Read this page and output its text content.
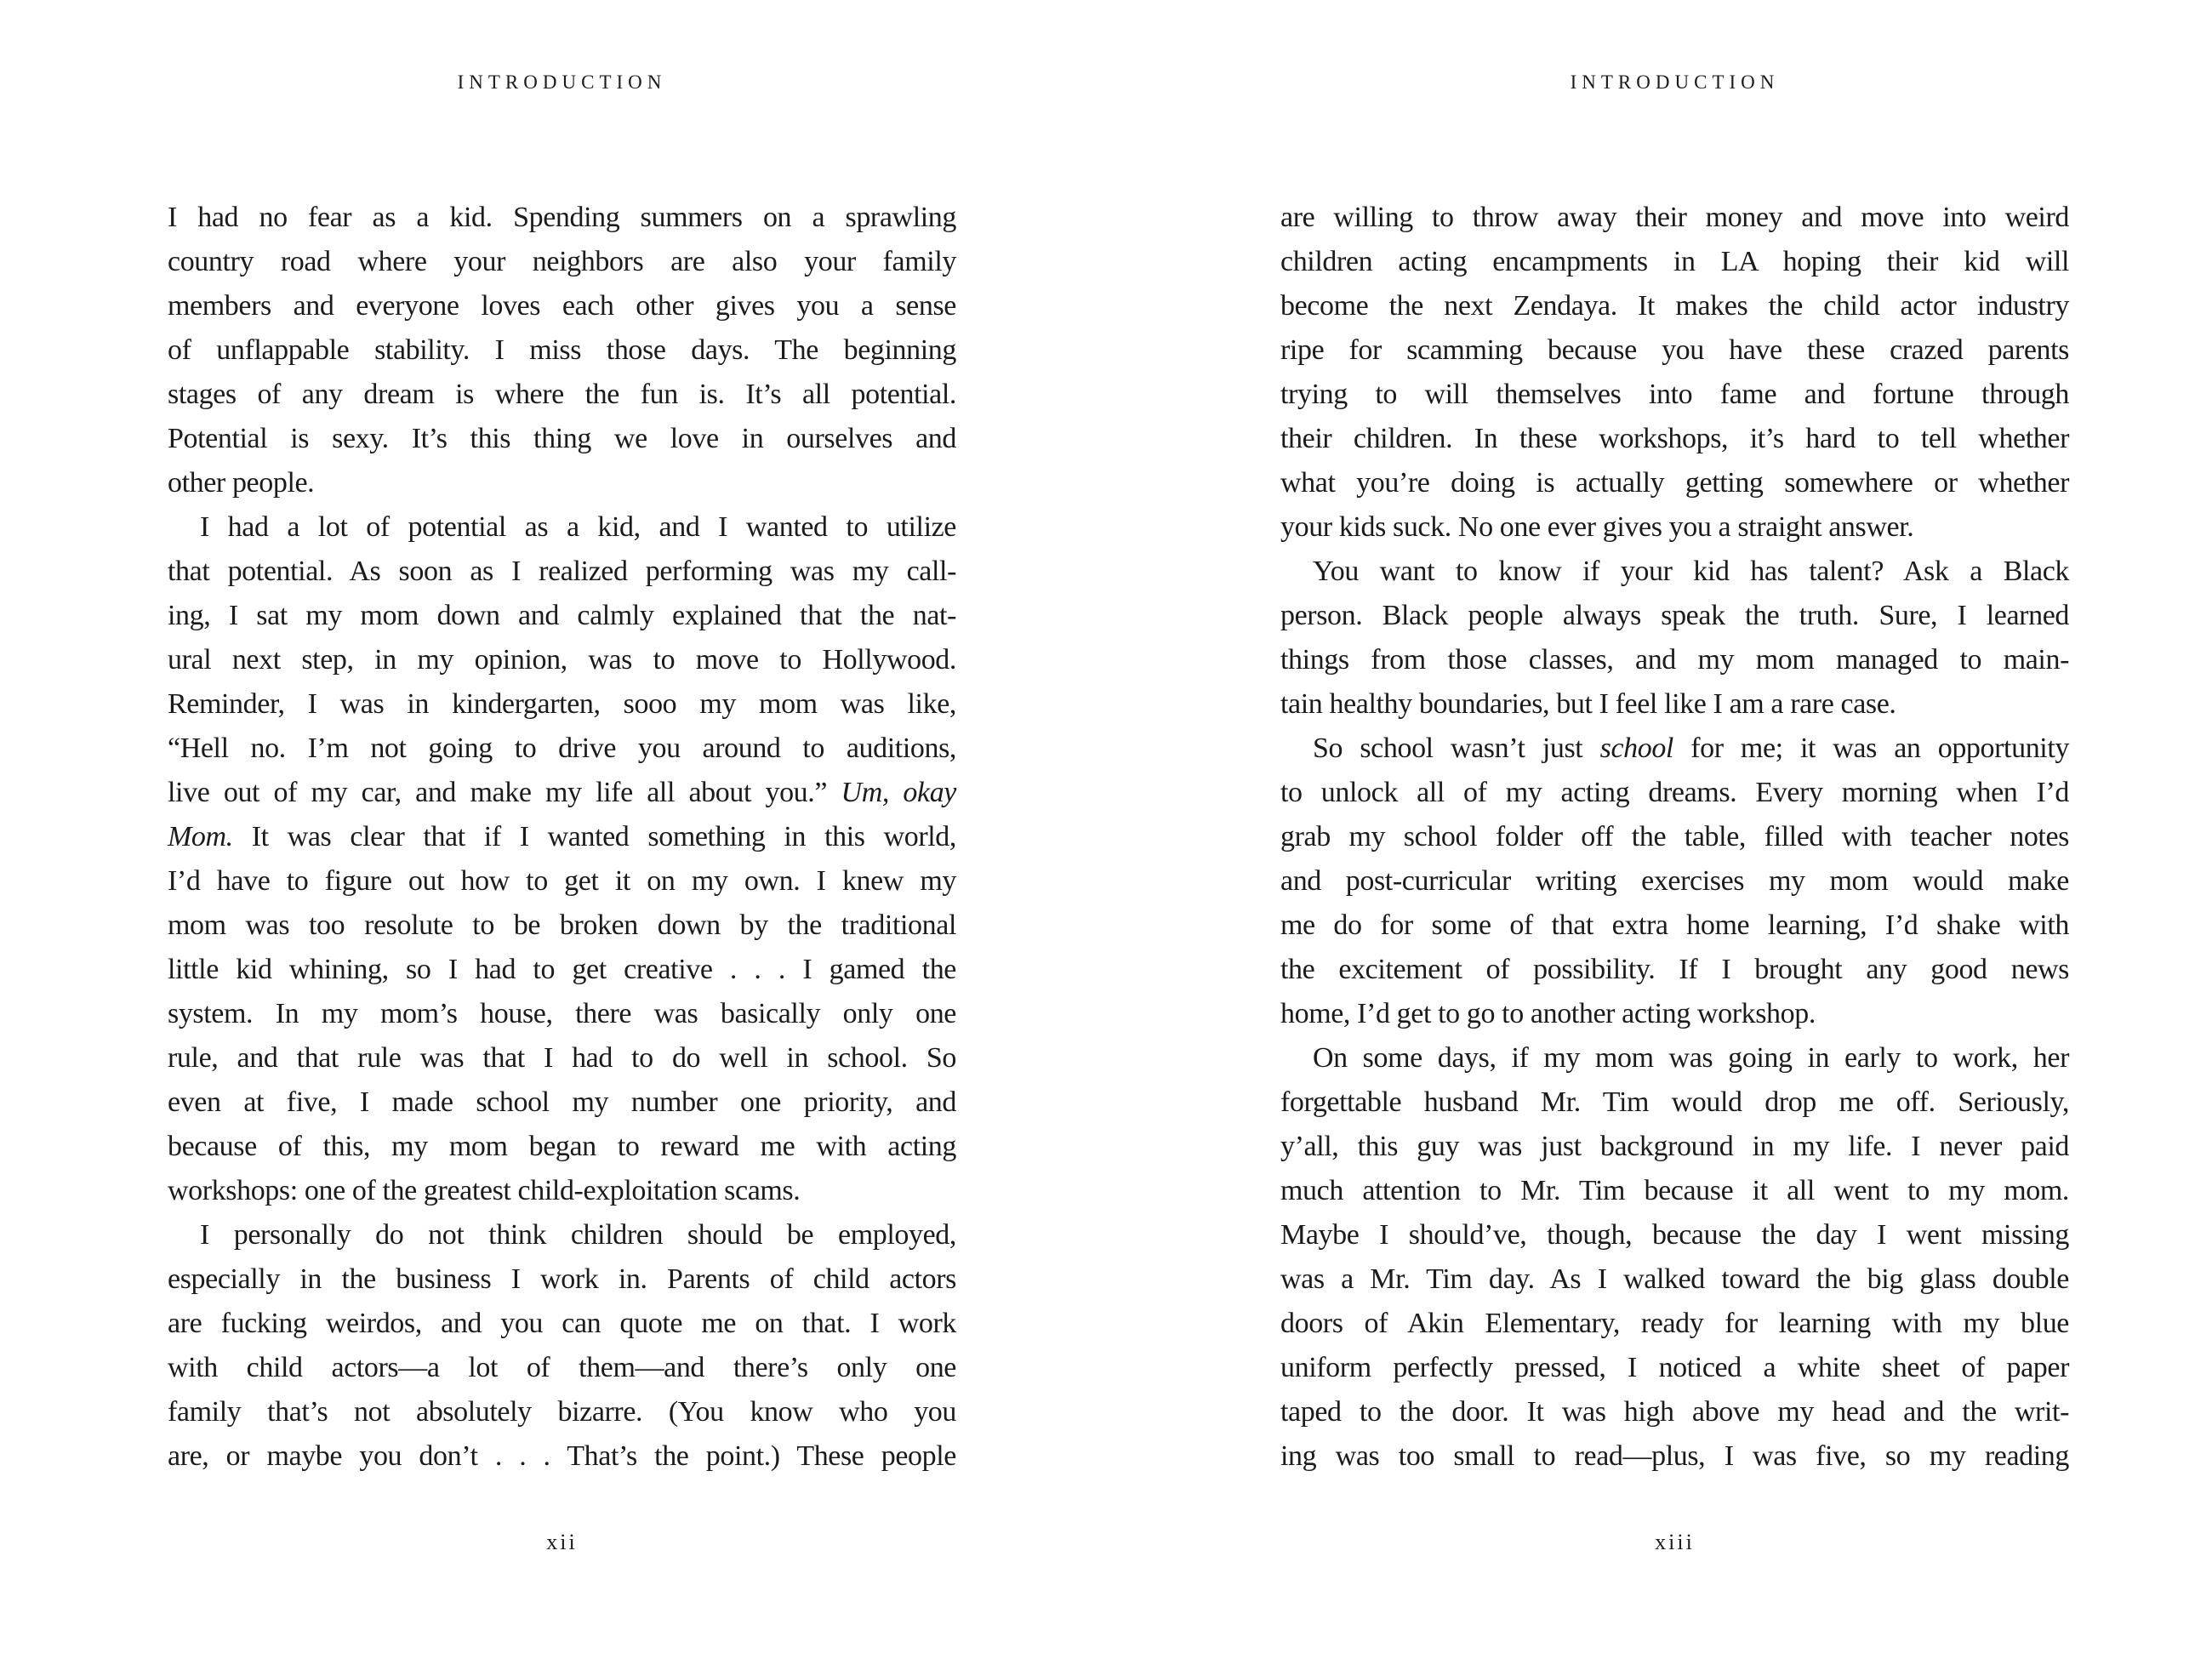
INTRODUCTION
I had no fear as a kid. Spending summers on a sprawling
country road where your neighbors are also your family
members and everyone loves each other gives you a sense
of unflappable stability. I miss those days. The beginning
stages of any dream is where the fun is. It’s all potential.
Potential is sexy. It’s this thing we love in ourselves and
other people.
I had a lot of potential as a kid, and I wanted to utilize
that potential. As soon as I realized performing was my call-
ing, I sat my mom down and calmly explained that the nat-
ural next step, in my opinion, was to move to Hollywood.
Reminder, I was in kindergarten, sooo my mom was like,
“Hell no. I’m not going to drive you around to auditions,
live out of my car, and make my life all about you.” Um, okay
Mom. It was clear that if I wanted something in this world,
I’d have to figure out how to get it on my own. I knew my
mom was too resolute to be broken down by the traditional
little kid whining, so I had to get creative . . . I gamed the
system. In my mom’s house, there was basically only one
rule, and that rule was that I had to do well in school. So
even at five, I made school my number one priority, and
because of this, my mom began to reward me with acting
workshops: one of the greatest child-exploitation scams.
I personally do not think children should be employed,
especially in the business I work in. Parents of child actors
are fucking weirdos, and you can quote me on that. I work
with child actors—a lot of them—and there’s only one
family that’s not absolutely bizarre. (You know who you
are, or maybe you don’t . . . That’s the point.) These people
xii
INTRODUCTION
are willing to throw away their money and move into weird
children acting encampments in LA hoping their kid will
become the next Zendaya. It makes the child actor industry
ripe for scamming because you have these crazed parents
trying to will themselves into fame and fortune through
their children. In these workshops, it’s hard to tell whether
what you’re doing is actually getting somewhere or whether
your kids suck. No one ever gives you a straight answer.
You want to know if your kid has talent? Ask a Black
person. Black people always speak the truth. Sure, I learned
things from those classes, and my mom managed to main-
tain healthy boundaries, but I feel like I am a rare case.
So school wasn’t just school for me; it was an opportunity
to unlock all of my acting dreams. Every morning when I’d
grab my school folder off the table, filled with teacher notes
and post-curricular writing exercises my mom would make
me do for some of that extra home learning, I’d shake with
the excitement of possibility. If I brought any good news
home, I’d get to go to another acting workshop.
On some days, if my mom was going in early to work, her
forgettable husband Mr. Tim would drop me off. Seriously,
y’all, this guy was just background in my life. I never paid
much attention to Mr. Tim because it all went to my mom.
Maybe I should’ve, though, because the day I went missing
was a Mr. Tim day. As I walked toward the big glass double
doors of Akin Elementary, ready for learning with my blue
uniform perfectly pressed, I noticed a white sheet of paper
taped to the door. It was high above my head and the writ-
ing was too small to read—plus, I was five, so my reading
xiii
